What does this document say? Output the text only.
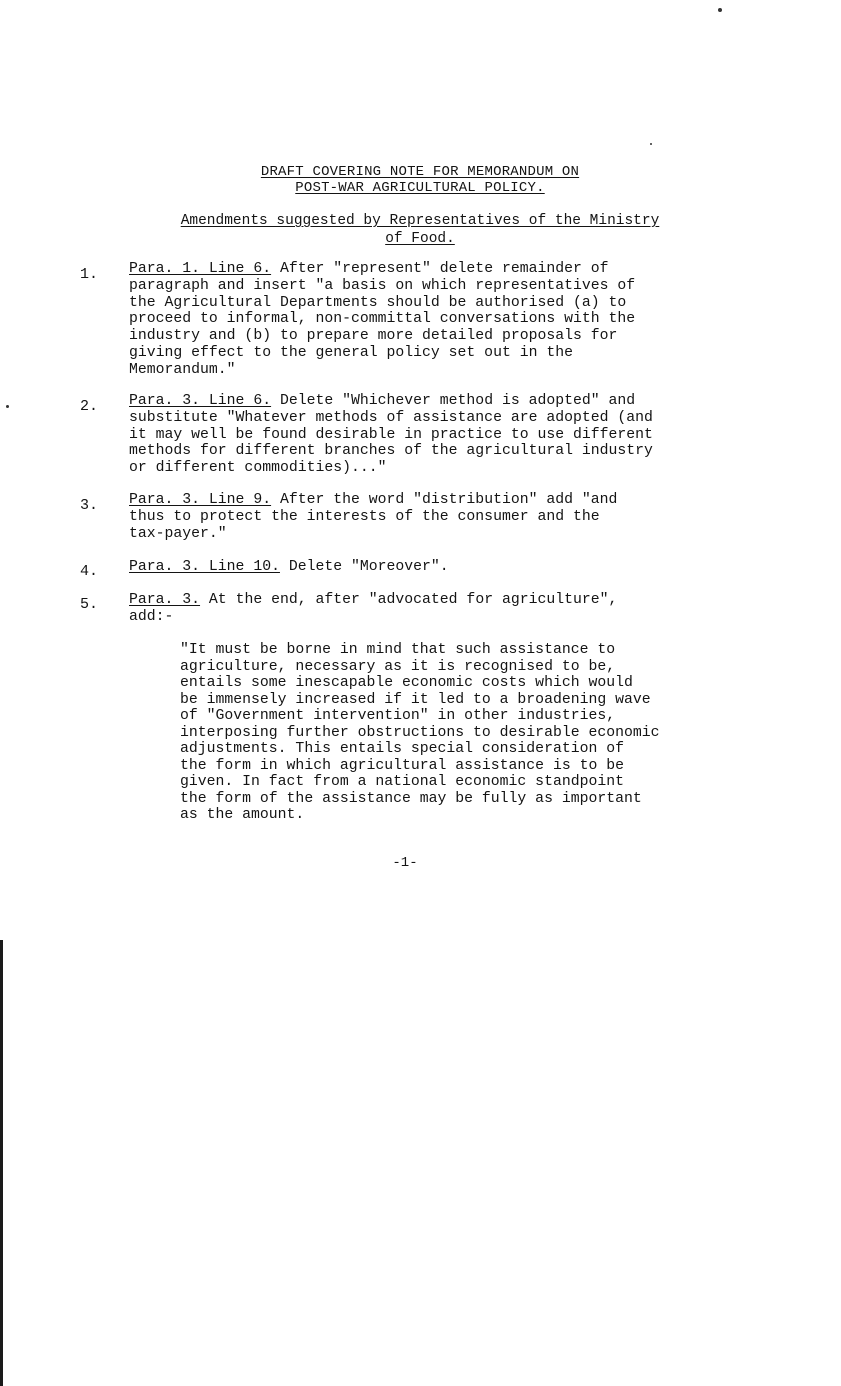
DRAFT COVERING NOTE FOR MEMORANDUM ON
POST-WAR AGRICULTURAL POLICY.
Amendments suggested by Representatives of the Ministry
of Food.
1. Para. 1. Line 6. After "represent" delete remainder of
paragraph and insert "a basis on which representatives of
the Agricultural Departments should be authorised (a) to
proceed to informal, non-committal conversations with the
industry and (b) to prepare more detailed proposals for
giving effect to the general policy set out in the
Memorandum."
2. Para. 3. Line 6. Delete "Whichever method is adopted" and
substitute "Whatever methods of assistance are adopted (and
it may well be found desirable in practice to use different
methods for different branches of the agricultural industry
or different commodities)..."
3. Para. 3. Line 9. After the word "distribution" add "and
thus to protect the interests of the consumer and the
tax-payer."
4. Para. 3. Line 10. Delete "Moreover".
5. Para. 3. At the end, after "advocated for agriculture",
add:-
"It must be borne in mind that such assistance to
agriculture, necessary as it is recognised to be,
entails some inescapable economic costs which would
be immensely increased if it led to a broadening wave
of "Government intervention" in other industries,
interposing further obstructions to desirable economic
adjustments. This entails special consideration of
the form in which agricultural assistance is to be
given. In fact from a national economic standpoint
the form of the assistance may be fully as important
as the amount.
-1-
